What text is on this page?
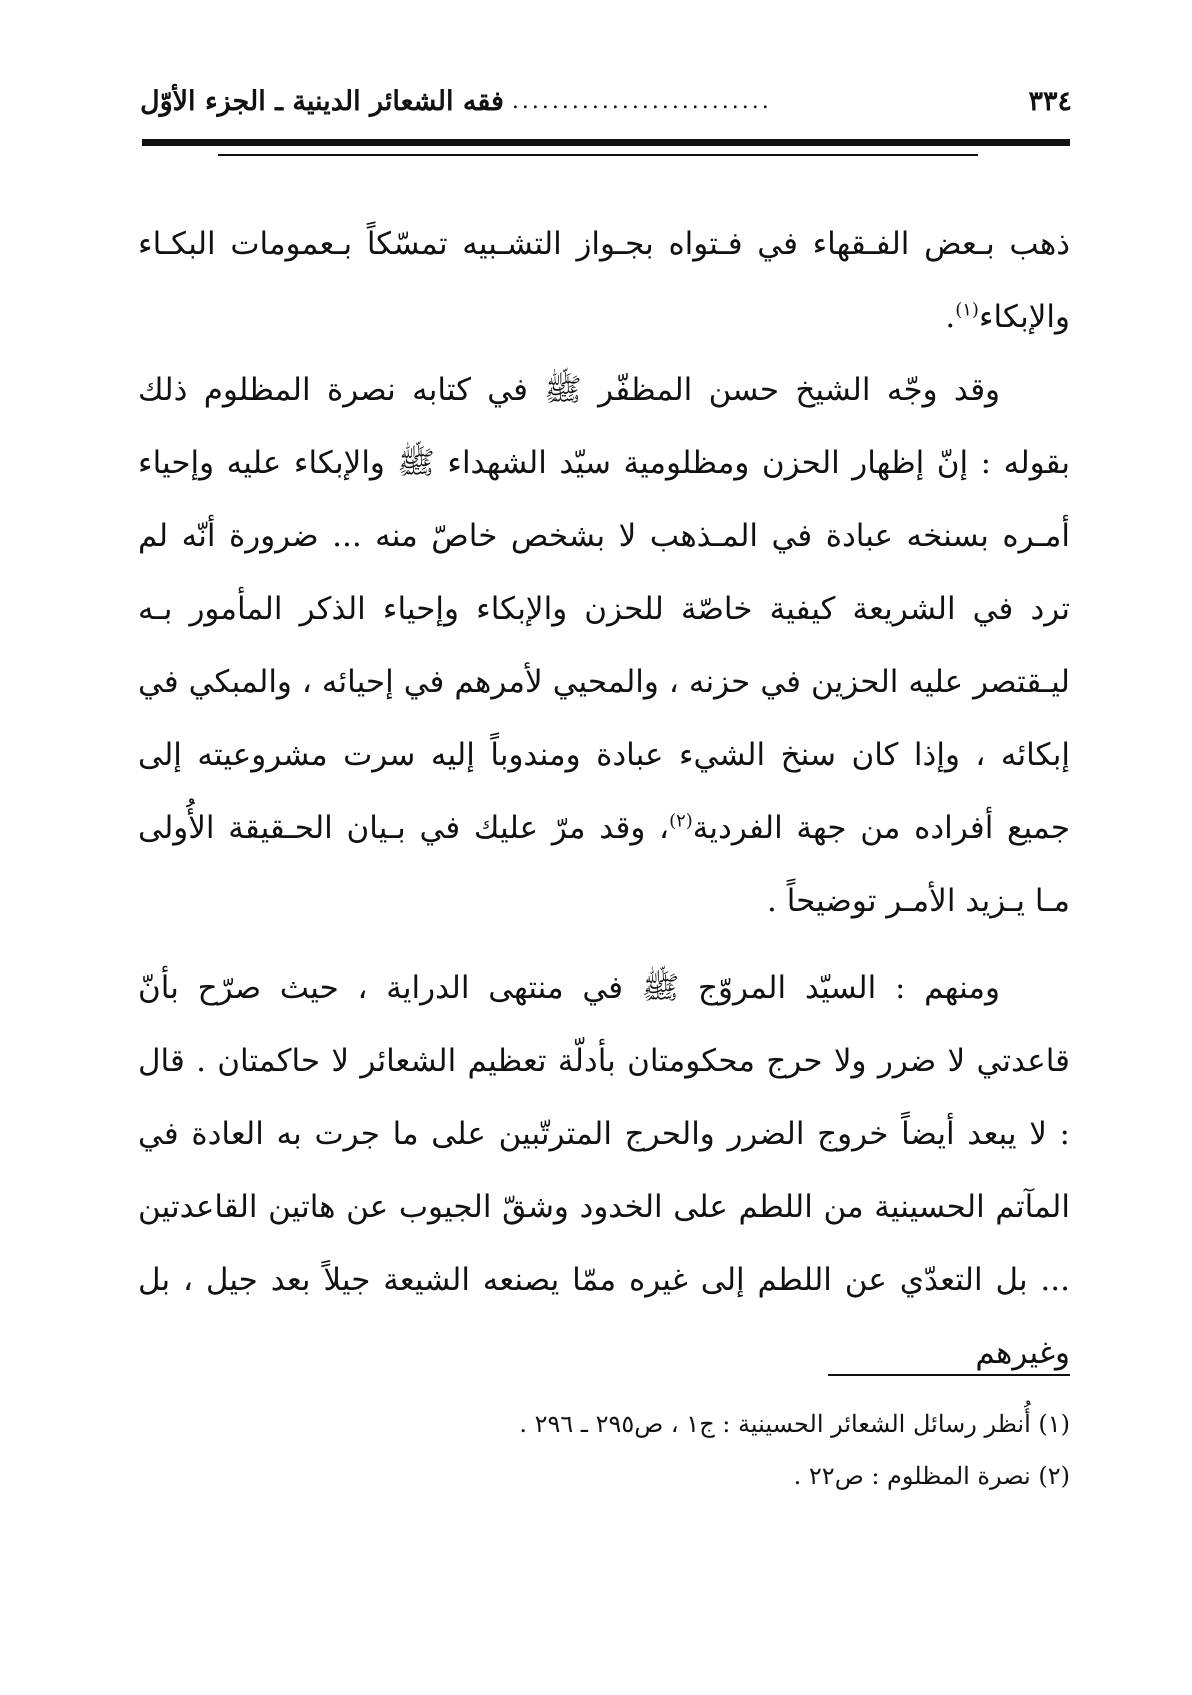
٣٣٤
..........................
فقه الشعائر الدينية ـ الجزء الأوّل

ذهب بـعض الفـقهاء في فـتواه بجـواز التشـبيه تمسّكاً بـعمومات البكـاء والإبكاء$^{(١)}$.

وقد وجّه الشيخ حسن المظفّر ﷺ في كتابه نصرة المظلوم ذلك بقوله : إنّ إظهار الحزن ومظلومية سيّد الشهداء ﷺ والإبكاء عليه وإحياء أمـره بسنخه عبادة في المـذهب لا بشخص خاصّ منه ... ضرورة أنّه لم ترد في الشريعة كيفية خاصّة للحزن والإبكاء وإحياء الذكر المأمور بـه ليـقتصر عليه الحزين في حزنه ، والمحيي لأمرهم في إحيائه ، والمبكي في إبكائه ، وإذا كان سنخ الشيء عبادة ومندوباً إليه سرت مشروعيته إلى جميع أفراده من جهة الفردية$^{(٢)}$، وقد مرّ عليك في بـيان الحـقيقة الأُولى مـا يـزيد الأمـر توضيحاً .

ومنهم : السيّد المروّج ﷺ في منتهى الدراية ، حيث صرّح بأنّ قاعدتي لا ضرر ولا حرج محكومتان بأدلّة تعظيم الشعائر لا حاكمتان . قال : لا يبعد أيضاً خروج الضرر والحرج المترتّبين على ما جرت به العادة في المآتم الحسينية من اللطم على الخدود وشقّ الجيوب عن هاتين القاعدتين ... بل التعدّي عن اللطم إلى غيره ممّا يصنعه الشيعة جيلاً بعد جيل ، بل وغيرهم

(١) أُنظر رسائل الشعائر الحسينية : ج١ ، ص٢٩٥ ـ ٢٩٦ .

(٢) نصرة المظلوم : ص٢٢ .
